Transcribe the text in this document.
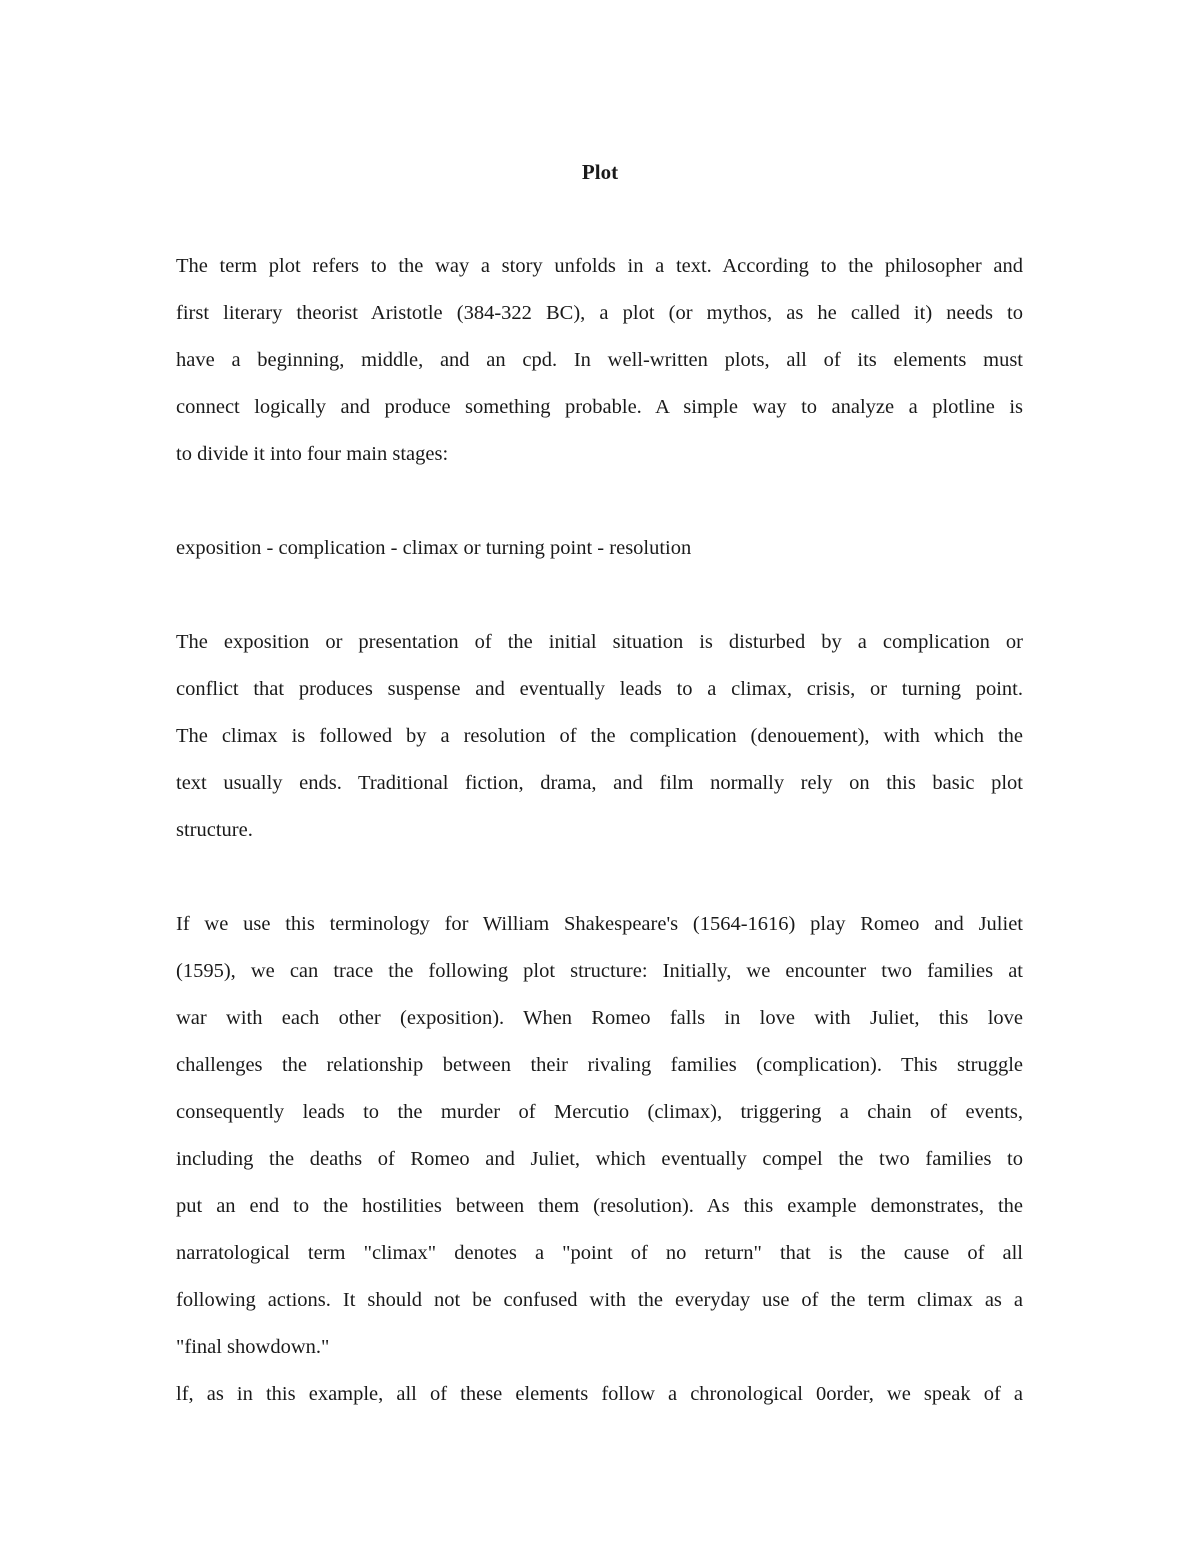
Plot
The term plot refers to the way a story unfolds in a text. According to the philosopher and
first literary theorist Aristotle (384-322 BC), a plot (or mythos, as he called it) needs to
have a beginning, middle, and an cpd. In well-written plots, all of its elements must
connect logically and produce something probable. A simple way to analyze a plotline is
to divide it into four main stages:
exposition - complication - climax or turning point - resolution
The exposition or presentation of the initial situation is disturbed by a complication or
conflict that produces suspense and eventually leads to a climax, crisis, or turning point.
The climax is followed by a resolution of the complication (denouement), with which the
text usually ends. Traditional fiction, drama, and film normally rely on this basic plot
structure.
If we use this terminology for William Shakespeare's (1564-1616) play Romeo and Juliet
(1595), we can trace the following plot structure: Initially, we encounter two families at
war with each other (exposition). When Romeo falls in love with Juliet, this love
challenges the relationship between their rivaling families (complication). This struggle
consequently leads to the murder of Mercutio (climax), triggering a chain of events,
including the deaths of Romeo and Juliet, which eventually compel the two families to
put an end to the hostilities between them (resolution). As this example demonstrates, the
narratological term "climax" denotes a "point of no return" that is the cause of all
following actions. It should not be confused with the everyday use of the term climax as a
"final showdown."
lf, as in this example, all of these elements follow a chronological 0order, we speak of a
